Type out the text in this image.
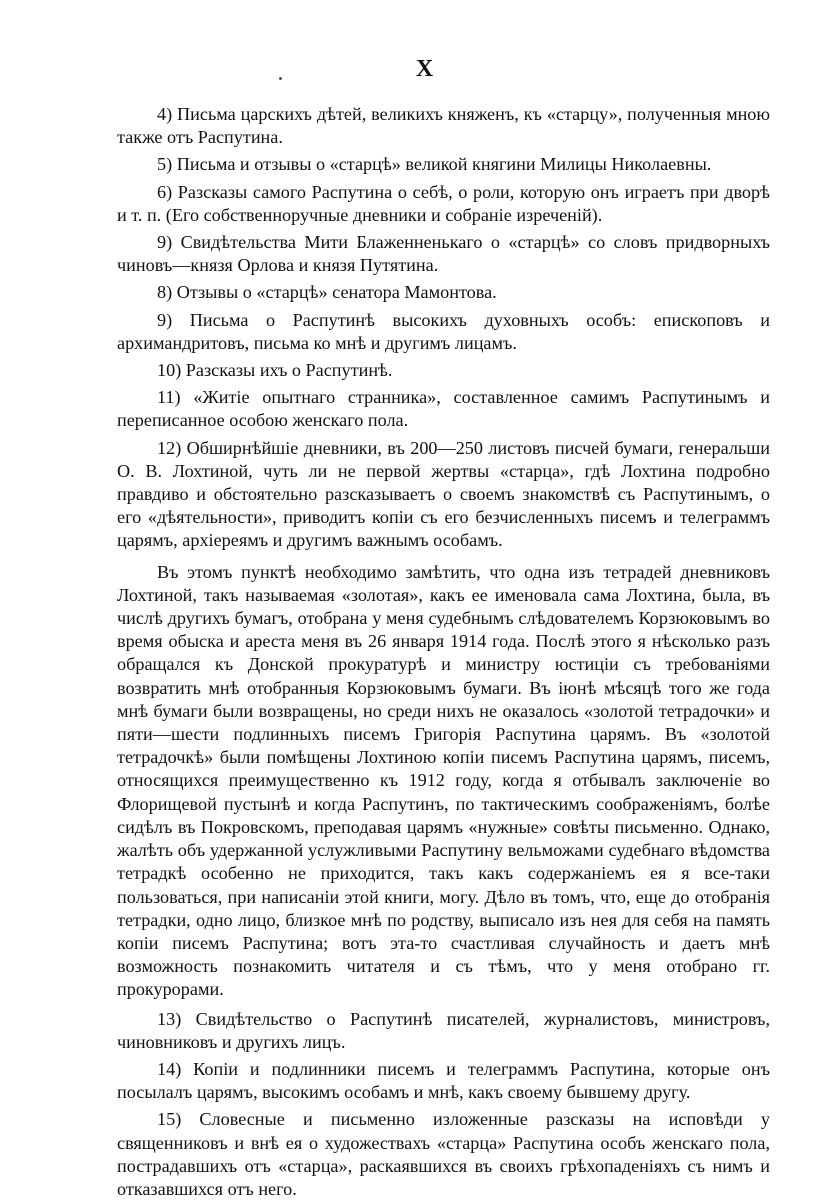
X

4) Письма царскихъ дѣтей, великихъ княженъ, къ «старцу», полученныя мною также отъ Распутина.

5) Письма и отзывы о «старцѣ» великой княгини Милицы Николаевны.

6) Разсказы самого Распутина о себѣ, о роли, которую онъ играетъ при дворѣ и т. п. (Его собственноручные дневники и собраніе изреченій).

9) Свидѣтельства Мити Блаженненькаго о «старцѣ» со словъ придворныхъ чиновъ—князя Орлова и князя Путятина.

8) Отзывы о «старцѣ» сенатора Мамонтова.

9) Письма о Распутинѣ высокихъ духовныхъ особъ: епископовъ и архимандритовъ, письма ко мнѣ и другимъ лицамъ.

10) Разсказы ихъ о Распутинѣ.

11) «Житіе опытнаго странника», составленное самимъ Распутинымъ и переписанное особою женскаго пола.

12) Обширнѣйшіе дневники, въ 200—250 листовъ писчей бумаги, генеральши О. В. Лохтиной, чуть ли не первой жертвы «старца», гдѣ Лохтина подробно правдиво и обстоятельно разсказываетъ о своемъ знакомствѣ съ Распутинымъ, о его «дѣятельности», приводитъ копіи съ его безчисленныхъ писемъ и телеграммъ царямъ, архіереямъ и другимъ важнымъ особамъ.

Въ этомъ пунктѣ необходимо замѣтить, что одна изъ тетрадей дневниковъ Лохтиной, такъ называемая «золотая», какъ ее именовала сама Лохтина, была, въ числѣ другихъ бумагъ, отобрана у меня судебнымъ слѣдователемъ Корзюковымъ во время обыска и ареста меня въ 26 января 1914 года. Послѣ этого я нѣсколько разъ обращался къ Донской прокуратурѣ и министру юстиціи съ требованіями возвратить мнѣ отобранныя Корзюковымъ бумаги. Въ іюнѣ мѣсяцѣ того же года мнѣ бумаги были возвращены, но среди нихъ не оказалось «золотой тетрадочки» и пяти—шести подлинныхъ писемъ Григорія Распутина царямъ. Въ «золотой тетрадочкѣ» были помѣщены Лохтиною копіи писемъ Распутина царямъ, писемъ, относящихся преимущественно къ 1912 году, когда я отбывалъ заключеніе во Флорищевой пустынѣ и когда Распутинъ, по тактическимъ соображеніямъ, болѣе сидѣлъ въ Покровскомъ, преподавая царямъ «нужные» совѣты письменно. Однако, жалѣть объ удержанной услужливыми Распутину вельможами судебнаго вѣдомства тетрадкѣ особенно не приходится, такъ какъ содержаніемъ ея я все-таки пользоваться, при написаніи этой книги, могу. Дѣло въ томъ, что, еще до отобранія тетрадки, одно лицо, близкое мнѣ по родству, выписало изъ нея для себя на память копіи писемъ Распутина; вотъ эта-то счастливая случайность и даетъ мнѣ возможность познакомить читателя и съ тѣмъ, что у меня отобрано гг. прокурорами.

13) Свидѣтельство о Распутинѣ писателей, журналистовъ, министровъ, чиновниковъ и другихъ лицъ.

14) Копіи и подлинники писемъ и телеграммъ Распутина, которые онъ посылалъ царямъ, высокимъ особамъ и мнѣ, какъ своему бывшему другу.

15) Словесные и письменно изложенные разсказы на исповѣди у священниковъ и внѣ ея о художествахъ «старца» Распутина особъ женскаго пола, пострадавшихъ отъ «старца», раскаявшихся въ своихъ грѣхопаденіяхъ съ нимъ и отказавшихся отъ него.
